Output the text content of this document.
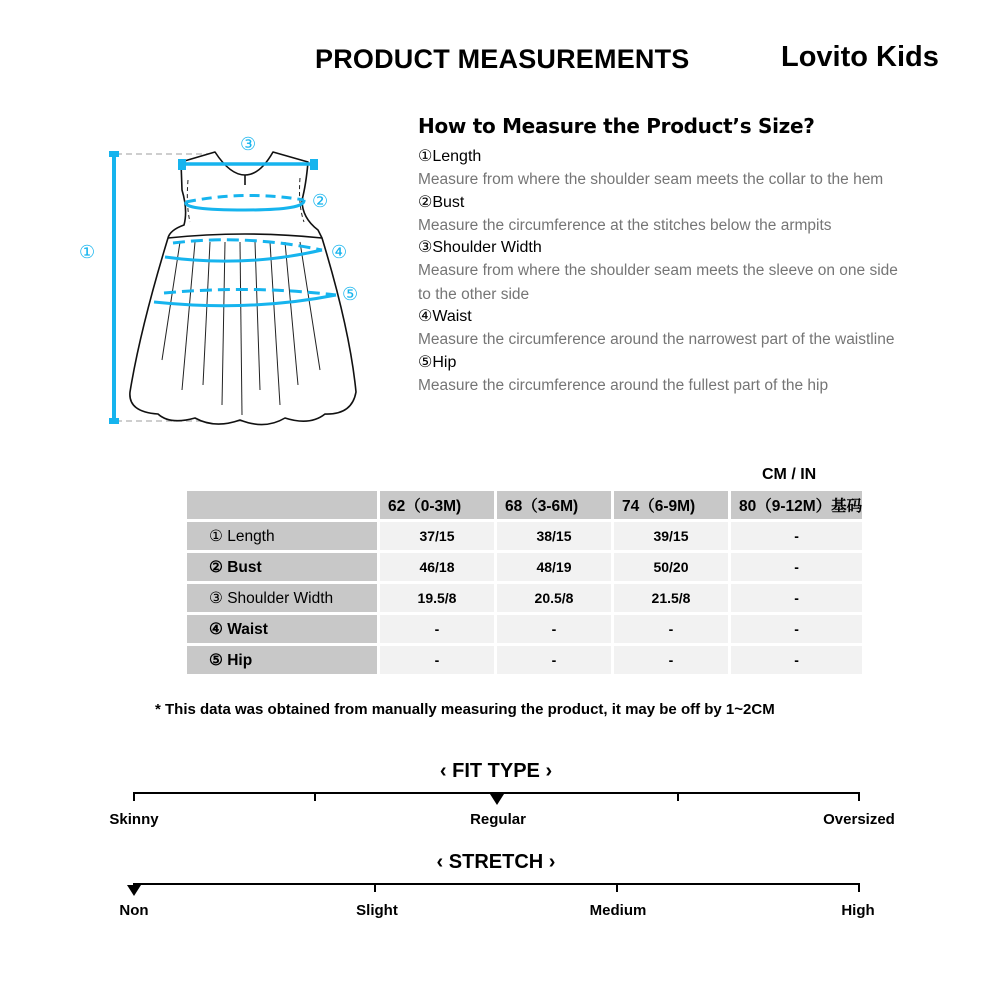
PRODUCT MEASUREMENTS	Lovito Kids
①
②
③
④
⑤
How to Measure the Product’s Size?
①Length
Measure from where the shoulder seam meets the collar to the hem
②Bust
Measure the circumference at the stitches below the armpits
③Shoulder Width
Measure from where the shoulder seam meets the sleeve on one side to the other side
④Waist
Measure the circumference around the narrowest part of the waistline
⑤Hip
Measure the circumference around the fullest part of the hip
CM / IN
	62（0-3M)	68（3-6M)	74（6-9M)	80（9-12M）基码
① Length	37/15	38/15	39/15	-
② Bust	46/18	48/19	50/20	-
③ Shoulder Width	19.5/8	20.5/8	21.5/8	-
④ Waist	-	-	-	-
⑤ Hip	-	-	-	-
* This data was obtained from manually measuring the product, it may be off by 1~2CM
‹ FIT TYPE ›
Skinny	Regular	Oversized
‹ STRETCH ›
Non	Slight	Medium	High
